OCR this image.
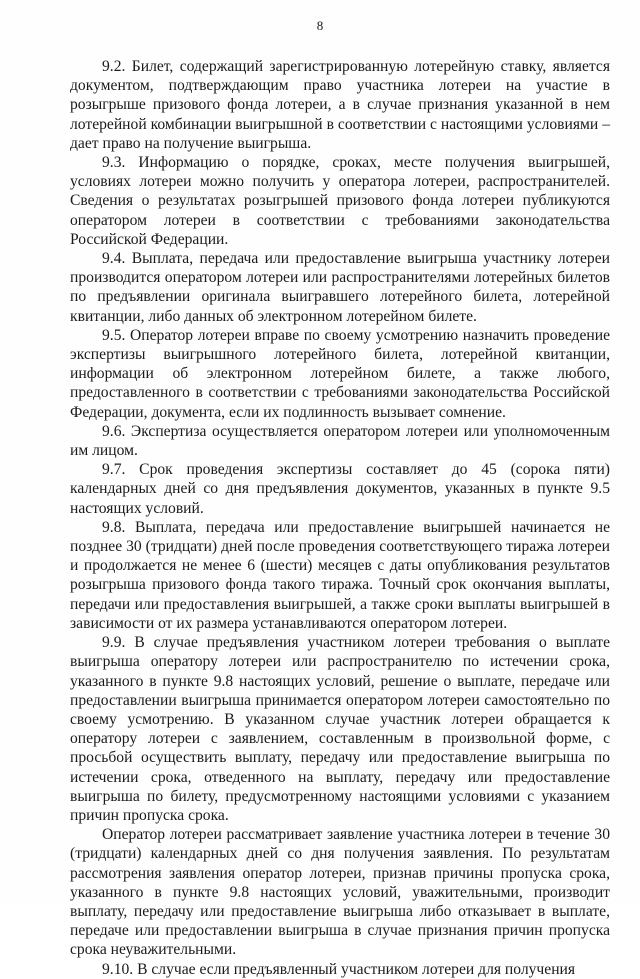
8

9.2. Билет, содержащий зарегистрированную лотерейную ставку, является документом, подтверждающим право участника лотереи на участие в розыгрыше призового фонда лотереи, а в случае признания указанной в нем лотерейной комбинации выигрышной в соответствии с настоящими условиями – дает право на получение выигрыша.

9.3. Информацию о порядке, сроках, месте получения выигрышей, условиях лотереи можно получить у оператора лотереи, распространителей. Сведения о результатах розыгрышей призового фонда лотереи публикуются оператором лотереи в соответствии с требованиями законодательства Российской Федерации.

9.4. Выплата, передача или предоставление выигрыша участнику лотереи производится оператором лотереи или распространителями лотерейных билетов по предъявлении оригинала выигравшего лотерейного билета, лотерейной квитанции, либо данных об электронном лотерейном билете.

9.5. Оператор лотереи вправе по своему усмотрению назначить проведение экспертизы выигрышного лотерейного билета, лотерейной квитанции, информации об электронном лотерейном билете, а также любого, предоставленного в соответствии с требованиями законодательства Российской Федерации, документа, если их подлинность вызывает сомнение.

9.6. Экспертиза осуществляется оператором лотереи или уполномоченным им лицом.

9.7. Срок проведения экспертизы составляет до 45 (сорока пяти) календарных дней со дня предъявления документов, указанных в пункте 9.5 настоящих условий.

9.8. Выплата, передача или предоставление выигрышей начинается не позднее 30 (тридцати) дней после проведения соответствующего тиража лотереи и продолжается не менее 6 (шести) месяцев с даты опубликования результатов розыгрыша призового фонда такого тиража. Точный срок окончания выплаты, передачи или предоставления выигрышей, а также сроки выплаты выигрышей в зависимости от их размера устанавливаются оператором лотереи.

9.9. В случае предъявления участником лотереи требования о выплате выигрыша оператору лотереи или распространителю по истечении срока, указанного в пункте 9.8 настоящих условий, решение о выплате, передаче или предоставлении выигрыша принимается оператором лотереи самостоятельно по своему усмотрению. В указанном случае участник лотереи обращается к оператору лотереи с заявлением, составленным в произвольной форме, с просьбой осуществить выплату, передачу или предоставление выигрыша по истечении срока, отведенного на выплату, передачу или предоставление выигрыша по билету, предусмотренному настоящими условиями с указанием причин пропуска срока.

Оператор лотереи рассматривает заявление участника лотереи в течение 30 (тридцати) календарных дней со дня получения заявления. По результатам рассмотрения заявления оператор лотереи, признав причины пропуска срока, указанного в пункте 9.8 настоящих условий, уважительными, производит выплату, передачу или предоставление выигрыша либо отказывает в выплате, передаче или предоставлении выигрыша в случае признания причин пропуска срока неуважительными.

9.10. В случае если предъявленный участником лотереи для получения
